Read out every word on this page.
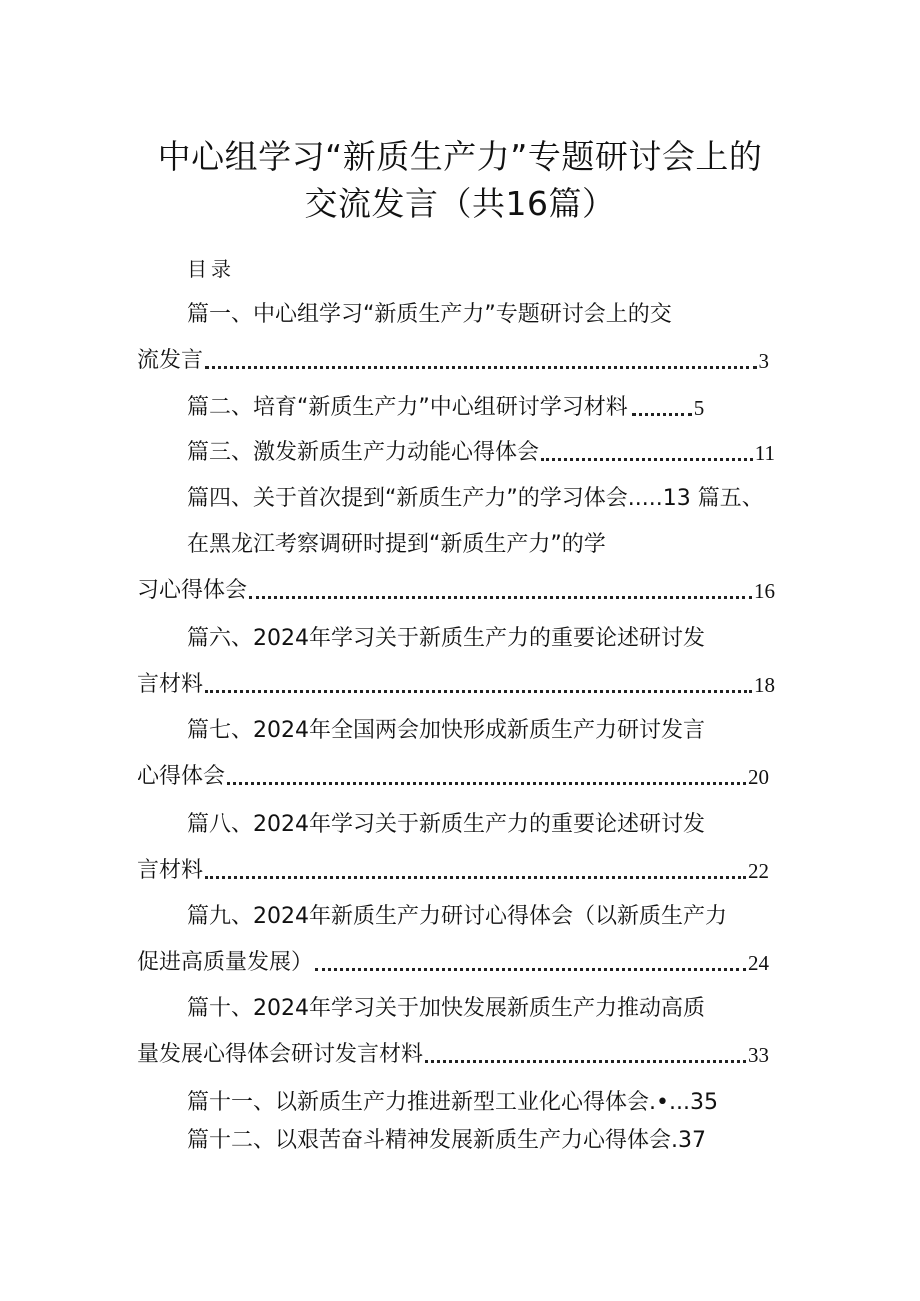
中心组学习“新质生产力”专题研讨会上的
交流发言（共16篇）
目录
篇一、中心组学习“新质生产力”专题研讨会上的交
流发言	3
篇二、培育“新质生产力”中心组研讨学习材料	5
篇三、激发新质生产力动能心得体会	11
篇四、关于首次提到“新质生产力”的学习体会.....13 篇五、
在黑龙江考察调研时提到“新质生产力”的学
习心得体会	16
篇六、2024年学习关于新质生产力的重要论述研讨发
言材料	18
篇七、2024年全国两会加快形成新质生产力研讨发言
心得体会	20
篇八、2024年学习关于新质生产力的重要论述研讨发
言材料	22
篇九、2024年新质生产力研讨心得体会（以新质生产力
促进高质量发展）	24
篇十、2024年学习关于加快发展新质生产力推动高质
量发展心得体会研讨发言材料	33
篇十一、以新质生产力推进新型工业化心得体会.•...35
篇十二、以艰苦奋斗精神发展新质生产力心得体会.37
